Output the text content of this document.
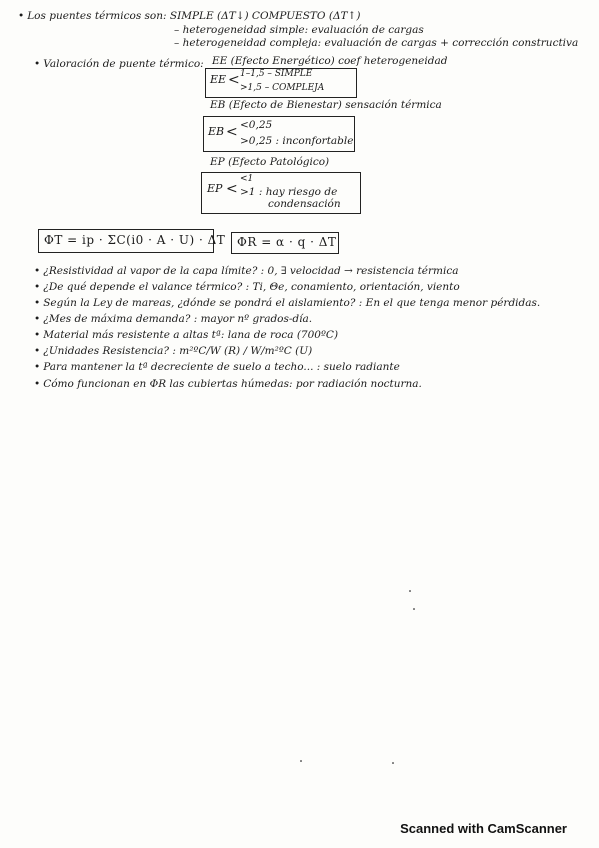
• Los puentes térmicos son: SIMPLE (ΔT↓) COMPUESTO (ΔT↑)
– heterogeneidad simple: evaluación de cargas
– heterogeneidad compleja: evaluación de cargas + corrección constructiva
• Valoración de puente térmico: EE (Efecto Energético) coef heterogeneidad
EE < 1–1,5 – SIMPLE
>1,5 – COMPLEJA
EB (Efecto de Bienestar) sensación térmica
EB < <0,25
>0,25 : inconfortable
EP (Efecto Patológico)
EP <
<1
>1 : hay riesgo de
condensación
ΦT = ip · ΣC(i0 · A · U) · ΔT ΦR = α · q · ΔT
• ¿Resistividad al vapor de la capa límite? : 0, ∃ velocidad → resistencia térmica
• ¿De qué depende el valance térmico? : Ti, Θe, conamiento, orientación, viento
• Según la Ley de mareas, ¿dónde se pondrá el aislamiento? : En el que tenga menor pérdidas.
• ¿Mes de máxima demanda? : mayor nº grados-día.
• Material más resistente a altas tª: lana de roca (700ºC)
• ¿Unidades Resistencia? : m²ºC/W (R) / W/m²ºC (U)
• Para mantener la tª decreciente de suelo a techo... : suelo radiante
• Cómo funcionan en ΦR las cubiertas húmedas: por radiación nocturna.
Scanned with CamScanner
